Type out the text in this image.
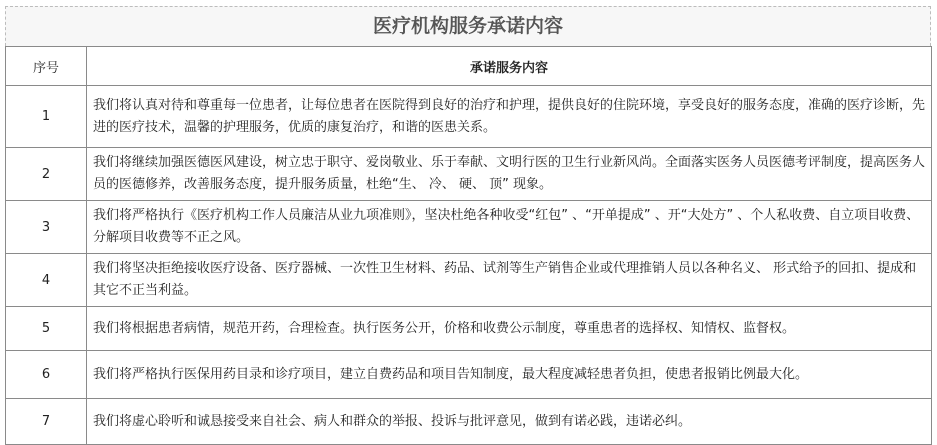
医疗机构服务承诺内容
序号	承诺服务内容
1	我们将认真对待和尊重每一位患者，让每位患者在医院得到良好的治疗和护理，提供良好的住院环境，享受良好的服务态度，准确的医疗诊断，先进的医疗技术，温馨的护理服务，优质的康复治疗，和谐的医患关系。
2	我们将继续加强医德医风建设，树立忠于职守、爱岗敬业、乐于奉献、文明行医的卫生行业新风尚。全面落实医务人员医德考评制度，提高医务人员的医德修养，改善服务态度，提升服务质量，杜绝“生、 冷、 硬、 顶” 现象。
3	我们将严格执行《医疗机构工作人员廉洁从业九项准则》，坚决杜绝各种收受“红包” 、“开单提成” 、开“大处方” 、个人私收费、自立项目收费、分解项目收费等不正之风。
4	我们将坚决拒绝接收医疗设备、医疗器械、一次性卫生材料、药品、试剂等生产销售企业或代理推销人员以各种名义、 形式给予的回扣、提成和其它不正当利益。
5	我们将根据患者病情，规范开药，合理检查。执行医务公开，价格和收费公示制度，尊重患者的选择权、知情权、监督权。
6	我们将严格执行医保用药目录和诊疗项目，建立自费药品和项目告知制度，最大程度减轻患者负担，使患者报销比例最大化。
7	我们将虚心聆听和诚恳接受来自社会、病人和群众的举报、投诉与批评意见，做到有诺必践，违诺必纠。
